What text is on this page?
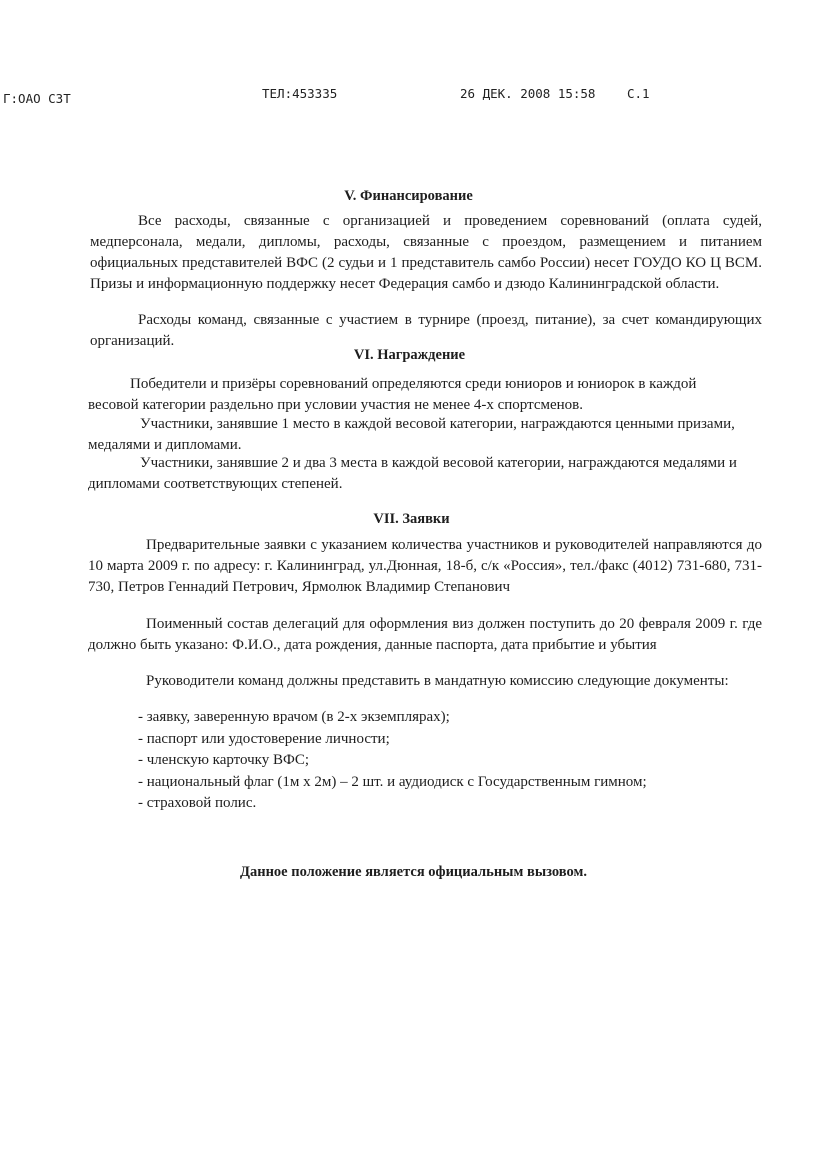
Г:ОАО СЗТ	ТЕЛ:453335	26 ДЕК. 2008 15:58	С.1
V. Финансирование
Все расходы, связанные с организацией и проведением соревнований (оплата судей, медперсонала, медали, дипломы, расходы, связанные с проездом, размещением и питанием официальных представителей ВФС (2 судьи и 1 представитель самбо России) несет ГОУДО КО Ц ВСМ. Призы и информационную поддержку несет Федерация самбо и дзюдо Калининградской области.
Расходы команд, связанные с участием в турнире (проезд, питание), за счет командирующих организаций.
VI. Награждение
Победители и призёры соревнований определяются среди юниоров и юниорок в каждой весовой категории раздельно при условии участия не менее 4-х спортсменов.
Участники, занявшие 1 место в каждой весовой категории, награждаются ценными призами, медалями и дипломами.
Участники, занявшие 2 и два 3 места в каждой весовой категории, награждаются медалями и дипломами соответствующих степеней.
VII. Заявки
Предварительные заявки с указанием количества участников и руководителей направляются до 10 марта 2009 г. по адресу: г. Калининград, ул.Дюнная, 18-б, с/к «Россия», тел./факс (4012) 731-680, 731-730, Петров Геннадий Петрович, Ярмолюк Владимир Степанович
Поименный состав делегаций для оформления виз должен поступить до 20 февраля 2009 г. где должно быть указано: Ф.И.О., дата рождения, данные паспорта, дата прибытие и убытия
Руководители команд должны представить в мандатную комиссию следующие документы:
- заявку, заверенную врачом (в 2-х экземплярах);
- паспорт или удостоверение личности;
- членскую карточку ВФС;
- национальный флаг (1м х 2м) – 2 шт. и аудиодиск с Государственным гимном;
- страховой полис.
Данное положение является официальным вызовом.
